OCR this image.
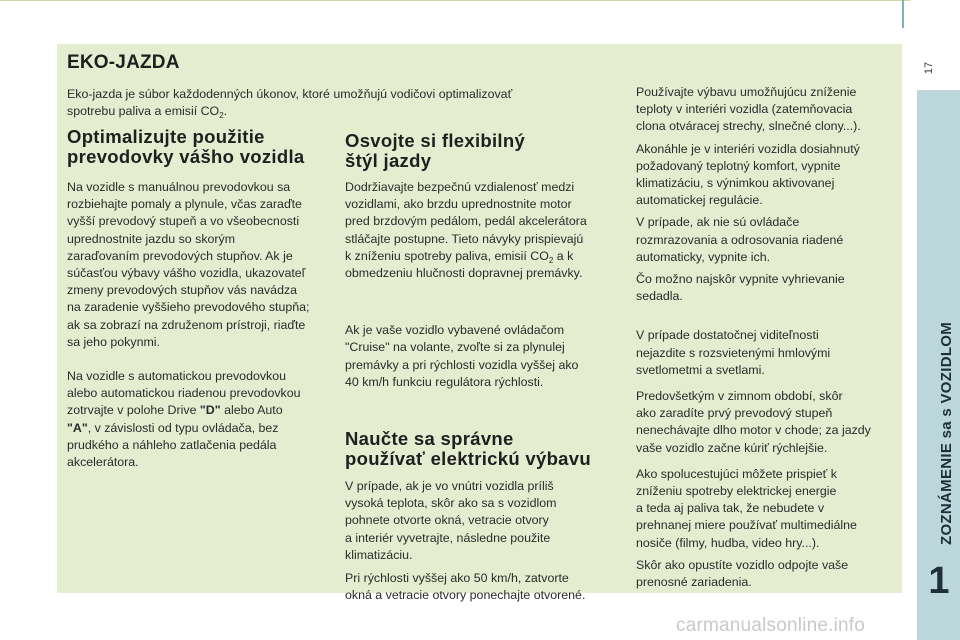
EKO-JAZDA
Eko-jazda je súbor každodenných úkonov, ktoré umožňujú vodičovi optimalizovať
spotrebu paliva a emisií $CO_2$.
Optimalizujte použitie
prevodovky vášho vozidla

Na vozidle s manuálnou prevodovkou sa
rozbiehajte pomaly a plynule, včas zaraďte
vyšší prevodový stupeň a vo všeobecnosti
uprednostnite jazdu so skorým
zaraďovaním prevodových stupňov. Ak je
súčasťou výbavy vášho vozidla, ukazovateľ
zmeny prevodových stupňov vás navádza
na zaradenie vyššieho prevodového stupňa;
ak sa zobrazí na združenom prístroji, riaďte
sa jeho pokynmi.

Na vozidle s automatickou prevodovkou
alebo automatickou riadenou prevodovkou
zotrvajte v polohe Drive "D" alebo Auto
"A", v závislosti od typu ovládača, bez
prudkého a náhleho zatlačenia pedála
akcelerátora.

Osvojte si flexibilný
štýl jazdy

Dodržiavajte bezpečnú vzdialenosť medzi
vozidlami, ako brzdu uprednostnite motor
pred brzdovým pedálom, pedál akcelerátora
stláčajte postupne. Tieto návyky prispievajú
k zníženiu spotreby paliva, emisií $CO_2$ a k
obmedzeniu hlučnosti dopravnej premávky.

Ak je vaše vozidlo vybavené ovládačom
"Cruise" na volante, zvoľte si za plynulej
premávky a pri rýchlosti vozidla vyššej ako
40 km/h funkciu regulátora rýchlosti.

Naučte sa správne
používať elektrickú výbavu

V prípade, ak je vo vnútri vozidla príliš
vysoká teplota, skôr ako sa s vozidlom
pohnete otvorte okná, vetracie otvory
a interiér vyvetrajte, následne použite
klimatizáciu.

Pri rýchlosti vyššej ako 50 km/h, zatvorte
okná a vetracie otvory ponechajte otvorené.

Používajte výbavu umožňujúcu zníženie
teploty v interiéri vozidla (zatemňovacia
clona otváracej strechy, slnečné clony...).

Akonáhle je v interiéri vozidla dosiahnutý
požadovaný teplotný komfort, vypnite
klimatizáciu, s výnimkou aktivovanej
automatickej regulácie.

V prípade, ak nie sú ovládače
rozmrazovania a odrosovania riadené
automaticky, vypnite ich.

Čo možno najskôr vypnite vyhrievanie
sedadla.

V prípade dostatočnej viditeľnosti
nejazdite s rozsvietenými hmlovými
svetlometmi a svetlami.

Predovšetkým v zimnom období, skôr
ako zaradíte prvý prevodový stupeň
nenechávajte dlho motor v chode; za jazdy
vaše vozidlo začne kúriť rýchlejšie.

Ako spolucestujúci môžete prispieť k
zníženiu spotreby elektrickej energie
a teda aj paliva tak, že nebudete v
prehnanej miere používať multimediálne
nosiče (filmy, hudba, video hry...).

Skôr ako opustíte vozidlo odpojte vaše
prenosné zariadenia.

17
ZOZNÁMENIE sa s VOZIDLOM
1
carmanualsonline.info
